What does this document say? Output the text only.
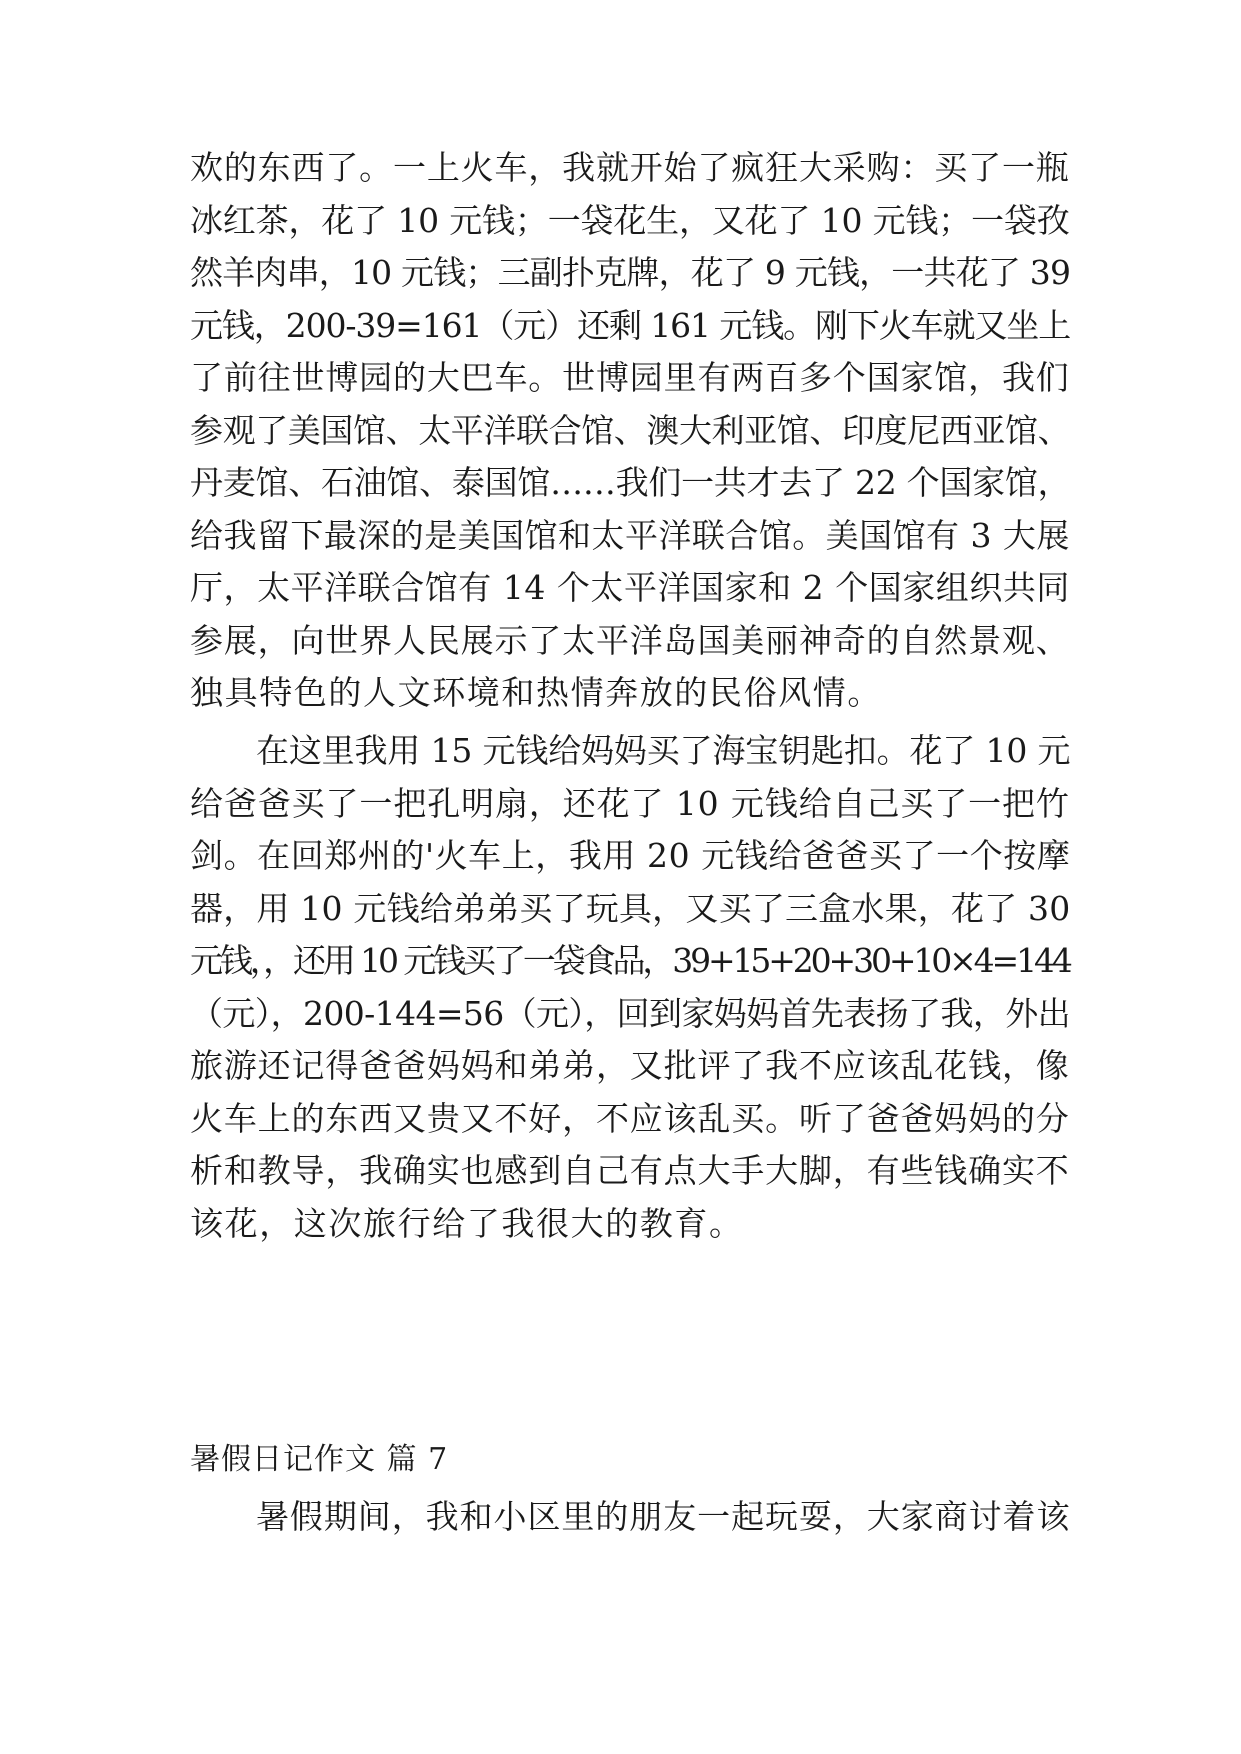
欢的东西了。一上火车，我就开始了疯狂大采购：买了一瓶
冰红茶，花了 10 元钱；一袋花生，又花了 10 元钱；一袋孜
然羊肉串，10 元钱；三副扑克牌，花了 9 元钱，一共花了 39
元钱，200-39=161（元）还剩 161 元钱。刚下火车就又坐上
了前往世博园的大巴车。世博园里有两百多个国家馆，我们
参观了美国馆、太平洋联合馆、澳大利亚馆、印度尼西亚馆、
丹麦馆、石油馆、泰国馆……我们一共才去了 22 个国家馆，
给我留下最深的是美国馆和太平洋联合馆。美国馆有 3 大展
厅，太平洋联合馆有 14 个太平洋国家和 2 个国家组织共同
参展，向世界人民展示了太平洋岛国美丽神奇的自然景观、
独具特色的人文环境和热情奔放的民俗风情。
在这里我用 15 元钱给妈妈买了海宝钥匙扣。花了 10 元
给爸爸买了一把孔明扇，还花了 10 元钱给自己买了一把竹
剑。在回郑州的'火车上，我用 20 元钱给爸爸买了一个按摩
器，用 10 元钱给弟弟买了玩具，又买了三盒水果，花了 30
元钱，，还用 10 元钱买了一袋食品，39+15+20+30+10×4=144
（元），200-144=56（元），回到家妈妈首先表扬了我，外出
旅游还记得爸爸妈妈和弟弟，又批评了我不应该乱花钱，像
火车上的东西又贵又不好，不应该乱买。听了爸爸妈妈的分
析和教导，我确实也感到自己有点大手大脚，有些钱确实不
该花，这次旅行给了我很大的教育。
暑假日记作文 篇 7
暑假期间，我和小区里的朋友一起玩耍，大家商讨着该
